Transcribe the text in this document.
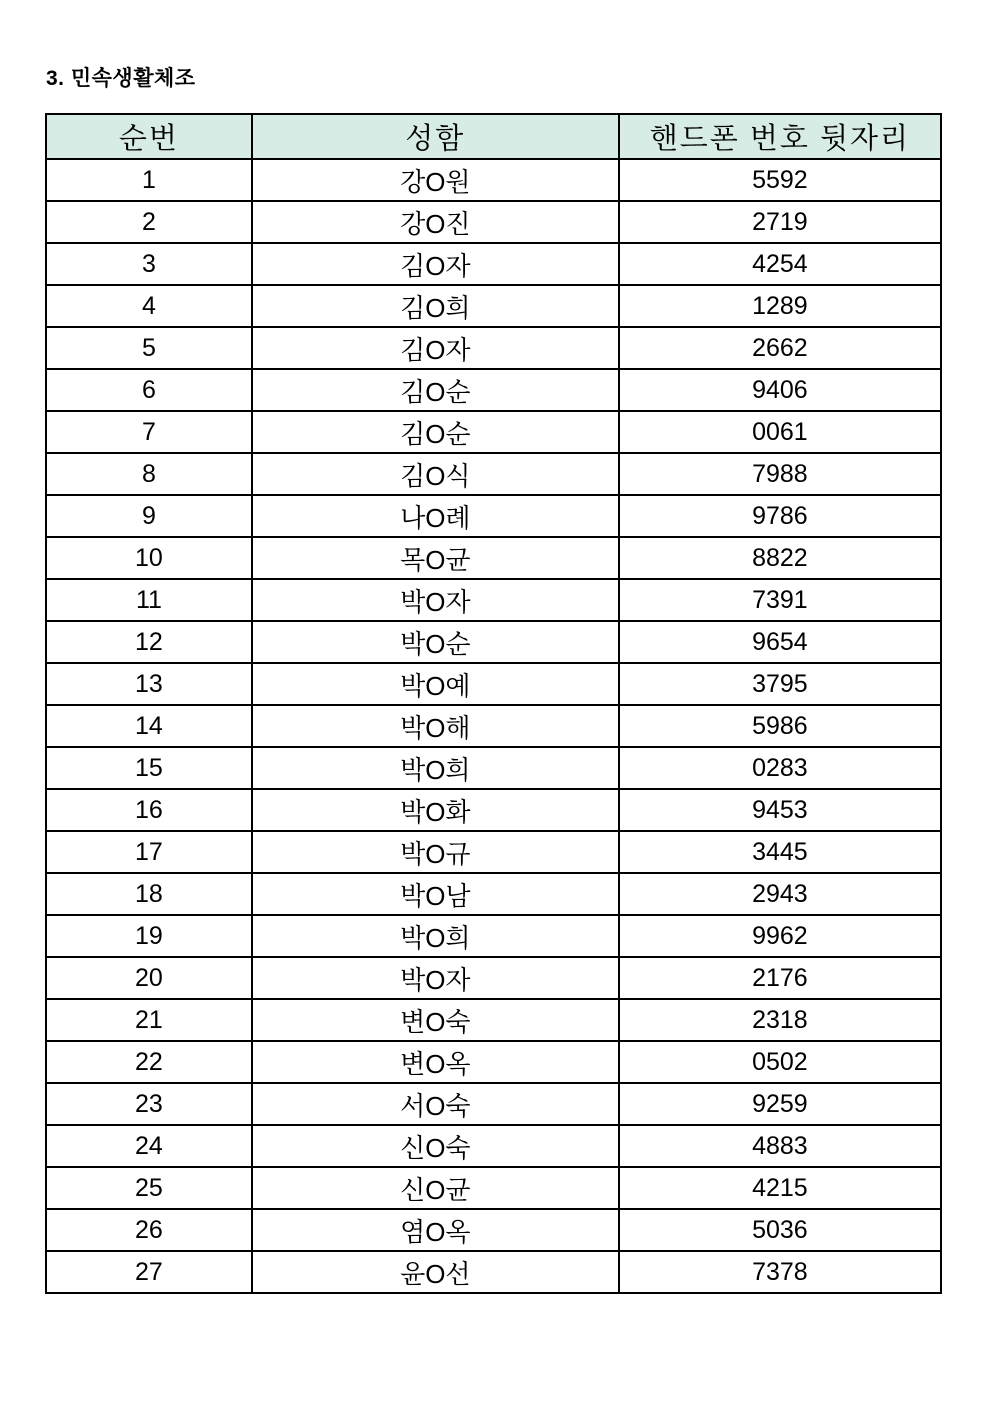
3. 민속생활체조
순번	성함	핸드폰 번호 뒷자리
1	강O원	5592
2	강O진	2719
3	김O자	4254
4	김O희	1289
5	김O자	2662
6	김O순	9406
7	김O순	0061
8	김O식	7988
9	나O례	9786
10	목O균	8822
11	박O자	7391
12	박O순	9654
13	박O예	3795
14	박O해	5986
15	박O희	0283
16	박O화	9453
17	박O규	3445
18	박O남	2943
19	박O희	9962
20	박O자	2176
21	변O숙	2318
22	변O옥	0502
23	서O숙	9259
24	신O숙	4883
25	신O균	4215
26	염O옥	5036
27	윤O선	7378
